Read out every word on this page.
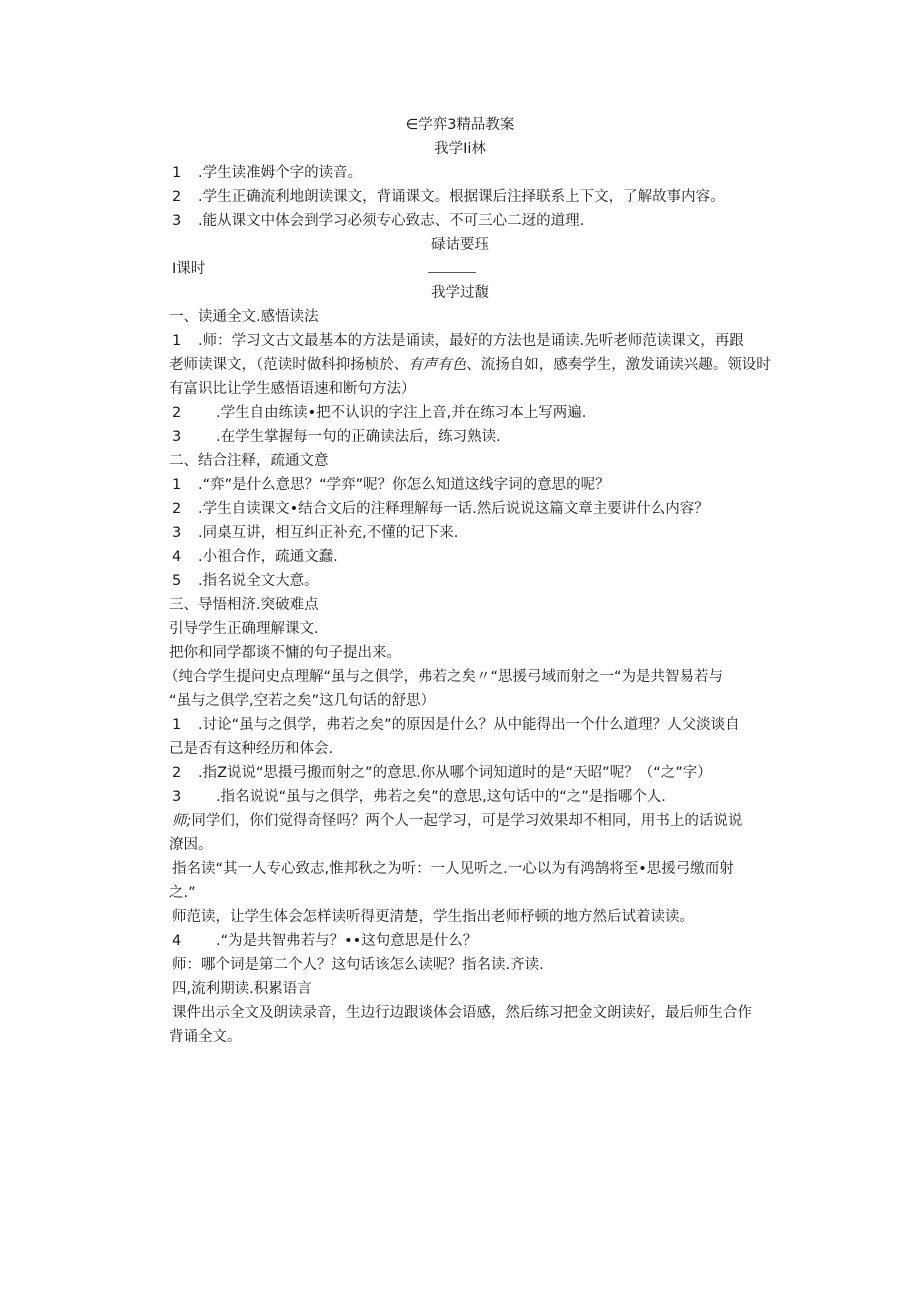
∈学弈3精品教案
我学Ii林
1 .学生读准姆个字的读音。
2 .学生正确流利地朗读课文，背诵课文。根据课后注择联系上下文，了解故事内容。
3 .能从课文中体会到学习必须专心致志、不可三心二迓的道理.
碌诂要珏
I课时
我学过馥
一、读通全文.感悟读法
1 .师：学习文古文最基本的方法是诵读，最好的方法也是诵读.先听老师范读课文，再跟
老师读课文，（范读时做科抑扬桢於、有声有色、流扬自如，感奏学生，激发诵读兴趣。领设时
有富识比让学生感悟语速和断句方法）
2 .学生自由练读•把不认识的字注上音,并在练习本上写两遍.
3 .在学生掌握每一句的正确读法后，练习熟读.
二、结合注释，疏通文意
1 .“弈”是什么意思？“学弈”呢？你怎么知道这线字词的意思的呢？
2 .学生自读课文•结合文后的注释理解每一话.然后说说这篇文章主要讲什么内容？
3 .同桌互讲，相互纠正补充,不懂的记下来.
4 .小祖合作，疏通文蠢.
5 .指名说全文大意。
三、导悟相济.突破难点
引导学生正确理解课文.
把你和同学都谈不慵的句子提出来。
（纯合学生提问史点理解“虽与之俱学，弗若之矣〃“思援弓域而射之一“为是共智易若与
“虽与之俱学,空若之矣”这几句话的舒思）
1 .讨论“虽与之俱学，弗若之矣”的原因是什么？从中能得出一个什么道理？人父淡谈自
己是否有这种经历和体会.
2 .指Z说说“思摄弓搬而射之”的意思.你从哪个词知道时的是“天昭”呢？（“之”字）
3 .指名说说“虽与之俱学，弗若之矣”的意思,这句话中的“之”是指哪个人.
师;同学们，你们觉得奇怪吗？两个人一起学习，可是学习效果却不相同，用书上的话说说
潦因。
指名读“其一人专心致志,惟邦秋之为听：一人见听之.一心以为有鸿鹄将至•思援弓缴而射
之.”
师范读，让学生体会怎样读听得更清楚，学生指出老师杼顿的地方然后试着读读。
4 .“为是共智弗若与？••这句意思是什么？
师：哪个词是第二个人？这句话该怎么读呢？指名读.齐读.
四,流利期读.积累语言
课件出示全文及朗读录音，生边行边跟谈体会语感，然后练习把金文朗读好，最后师生合作
背诵全文。
